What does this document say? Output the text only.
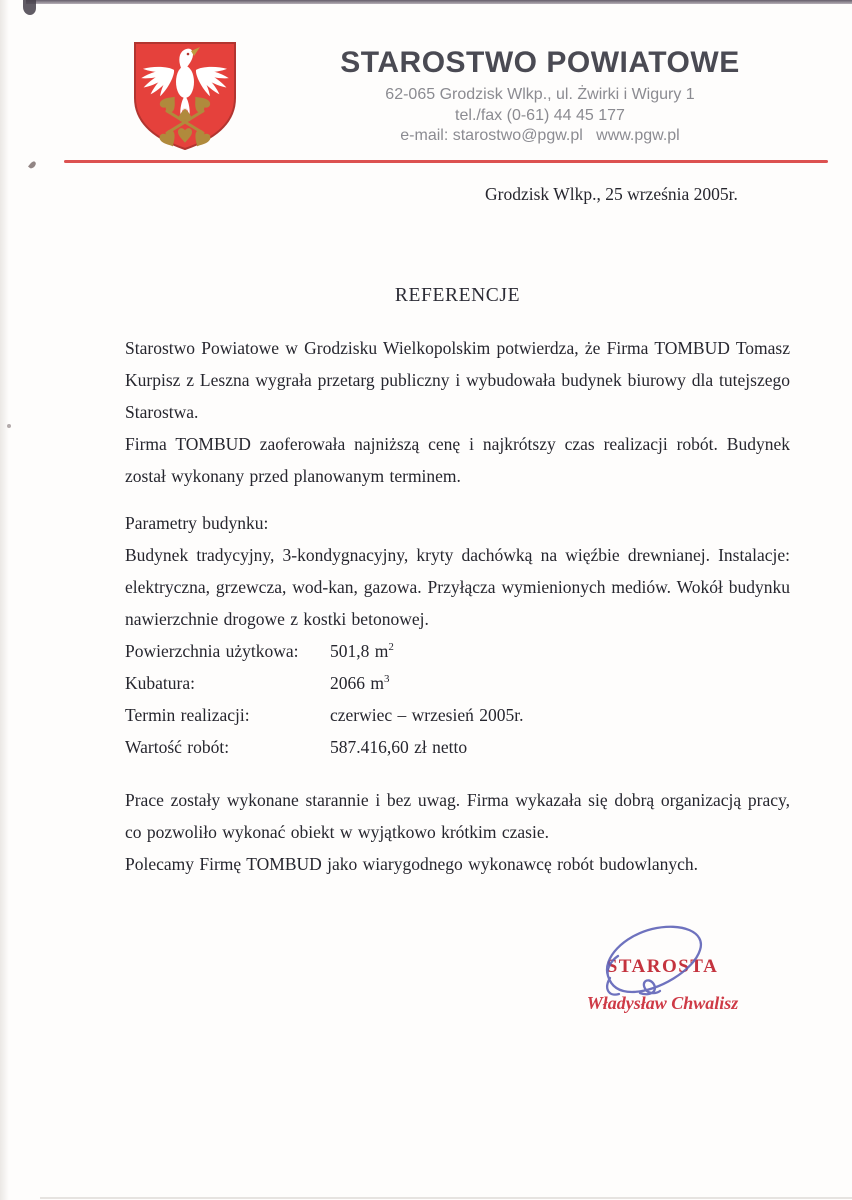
STAROSTWO POWIATOWE
62-065 Grodzisk Wlkp., ul. Żwirki i Wigury 1
tel./fax (0-61) 44 45 177
e-mail: starostwo@pgw.pl   www.pgw.pl
Grodzisk Wlkp., 25 września 2005r.
REFERENCJE

Starostwo Powiatowe w Grodzisku Wielkopolskim potwierdza, że Firma TOMBUD Tomasz Kurpisz z Leszna wygrała przetarg publiczny i wybudowała budynek biurowy dla tutejszego Starostwa.

Firma TOMBUD zaoferowała najniższą cenę i najkrótszy czas realizacji robót. Budynek został wykonany przed planowanym terminem.

Parametry budynku:

Budynek tradycyjny, 3-kondygnacyjny, kryty dachówką na więźbie drewnianej. Instalacje: elektryczna, grzewcza, wod-kan, gazowa. Przyłącza wymienionych mediów. Wokół budynku nawierzchnie drogowe z kostki betonowej.

Powierzchnia użytkowa:	501,8 $m^2$
Kubatura:	2066 $m^3$
Termin realizacji:	czerwiec – wrzesień 2005r.
Wartość robót:	587.416,60 zł netto

Prace zostały wykonane starannie i bez uwag. Firma wykazała się dobrą organizacją pracy, co pozwoliło wykonać obiekt w wyjątkowo krótkim czasie.

Polecamy Firmę TOMBUD jako wiarygodnego wykonawcę robót budowlanych.

STAROSTA
Władysław Chwalisz
